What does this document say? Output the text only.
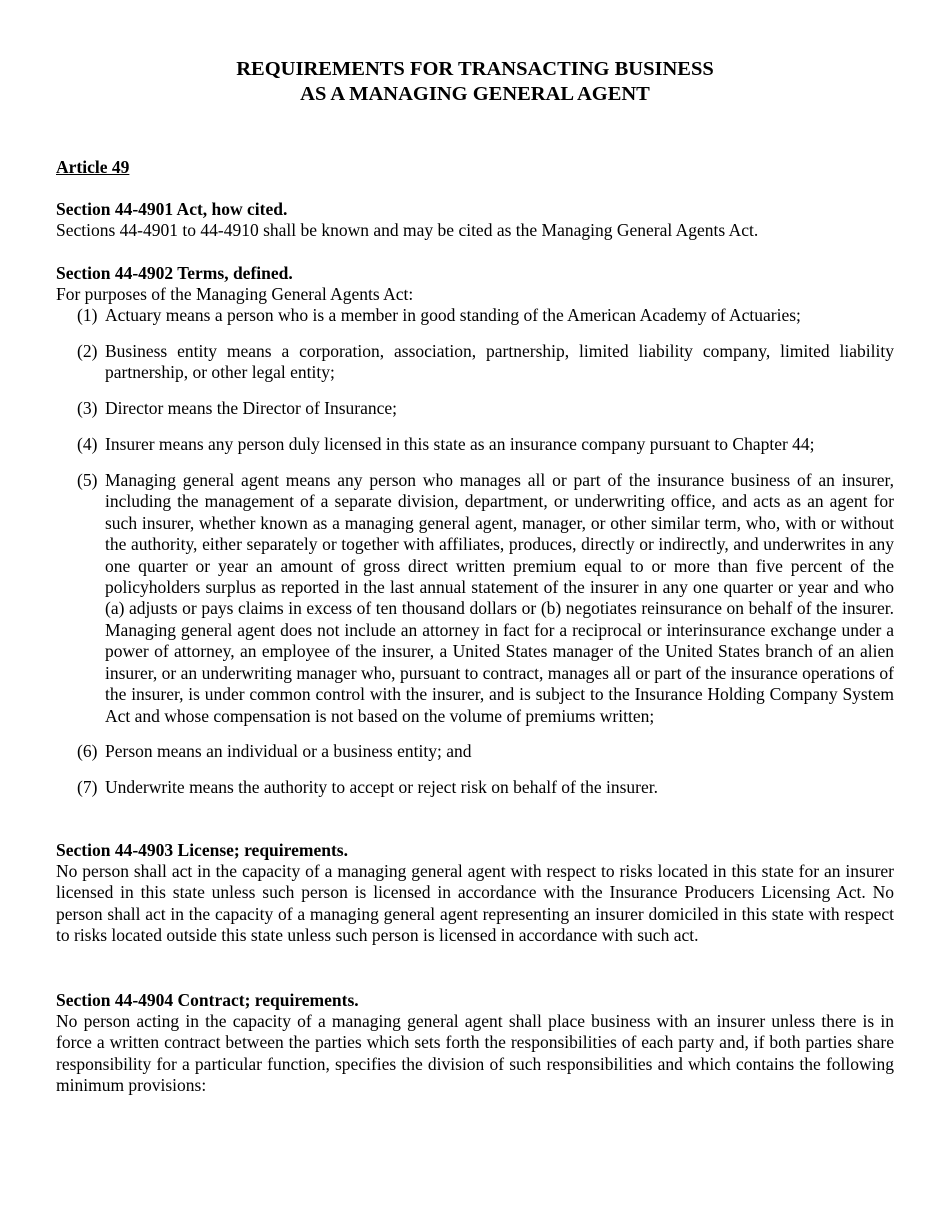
REQUIREMENTS FOR TRANSACTING BUSINESS
AS A MANAGING GENERAL AGENT
Article 49
Section 44-4901 Act, how cited.
Sections 44-4901 to 44-4910 shall be known and may be cited as the Managing General Agents Act.
Section 44-4902 Terms, defined.
For purposes of the Managing General Agents Act:
(1) Actuary means a person who is a member in good standing of the American Academy of Actuaries;
(2) Business entity means a corporation, association, partnership, limited liability company, limited liability partnership, or other legal entity;
(3) Director means the Director of Insurance;
(4) Insurer means any person duly licensed in this state as an insurance company pursuant to Chapter 44;
(5) Managing general agent means any person who manages all or part of the insurance business of an insurer, including the management of a separate division, department, or underwriting office, and acts as an agent for such insurer, whether known as a managing general agent, manager, or other similar term, who, with or without the authority, either separately or together with affiliates, produces, directly or indirectly, and underwrites in any one quarter or year an amount of gross direct written premium equal to or more than five percent of the policyholders surplus as reported in the last annual statement of the insurer in any one quarter or year and who (a) adjusts or pays claims in excess of ten thousand dollars or (b) negotiates reinsurance on behalf of the insurer. Managing general agent does not include an attorney in fact for a reciprocal or interinsurance exchange under a power of attorney, an employee of the insurer, a United States manager of the United States branch of an alien insurer, or an underwriting manager who, pursuant to contract, manages all or part of the insurance operations of the insurer, is under common control with the insurer, and is subject to the Insurance Holding Company System Act and whose compensation is not based on the volume of premiums written;
(6) Person means an individual or a business entity; and
(7) Underwrite means the authority to accept or reject risk on behalf of the insurer.
Section 44-4903 License; requirements.
No person shall act in the capacity of a managing general agent with respect to risks located in this state for an insurer licensed in this state unless such person is licensed in accordance with the Insurance Producers Licensing Act. No person shall act in the capacity of a managing general agent representing an insurer domiciled in this state with respect to risks located outside this state unless such person is licensed in accordance with such act.
Section 44-4904 Contract; requirements.
No person acting in the capacity of a managing general agent shall place business with an insurer unless there is in force a written contract between the parties which sets forth the responsibilities of each party and, if both parties share responsibility for a particular function, specifies the division of such responsibilities and which contains the following minimum provisions:
